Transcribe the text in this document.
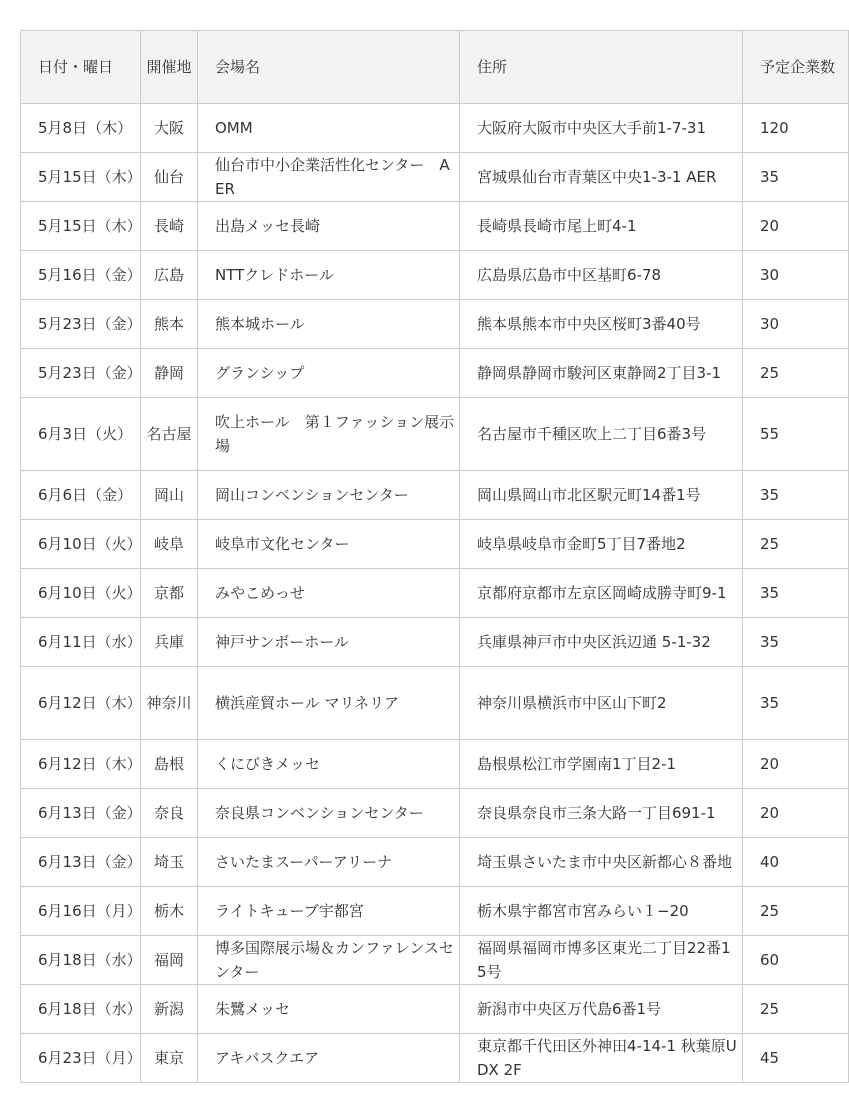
日付・曜日	開催地	会場名	住所	予定企業数
5月8日（木）	大阪	OMM	大阪府大阪市中央区大手前1-7-31	120
5月15日（木）	仙台	仙台市中小企業活性化センター　AER	宮城県仙台市青葉区中央1-3-1 AER	35
5月15日（木）	長崎	出島メッセ長崎	長崎県長崎市尾上町4-1	20
5月16日（金）	広島	NTTクレドホール	広島県広島市中区基町6-78	30
5月23日（金）	熊本	熊本城ホール	熊本県熊本市中央区桜町3番40号	30
5月23日（金）	静岡	グランシップ	静岡県静岡市駿河区東静岡2丁目3-1	25
6月3日（火）	名古屋	吹上ホール　第１ファッション展示場	名古屋市千種区吹上二丁目6番3号	55
6月6日（金）	岡山	岡山コンベンションセンター	岡山県岡山市北区駅元町14番1号	35
6月10日（火）	岐阜	岐阜市文化センター	岐阜県岐阜市金町5丁目7番地2	25
6月10日（火）	京都	みやこめっせ	京都府京都市左京区岡崎成勝寺町9-1	35
6月11日（水）	兵庫	神戸サンボーホール	兵庫県神戸市中央区浜辺通 5-1-32	35
6月12日（木）	神奈川	横浜産貿ホール マリネリア	神奈川県横浜市中区山下町2	35
6月12日（木）	島根	くにびきメッセ	島根県松江市学園南1丁目2-1	20
6月13日（金）	奈良	奈良県コンベンションセンター	奈良県奈良市三条大路一丁目691-1	20
6月13日（金）	埼玉	さいたまスーパーアリーナ	埼玉県さいたま市中央区新都心８番地	40
6月16日（月）	栃木	ライトキューブ宇都宮	栃木県宇都宮市宮みらい１−20	25
6月18日（水）	福岡	博多国際展示場＆カンファレンスセンター	福岡県福岡市博多区東光二丁目22番15号	60
6月18日（水）	新潟	朱鷺メッセ	新潟市中央区万代島6番1号	25
6月23日（月）	東京	アキバスクエア	東京都千代田区外神田4-14-1 秋葉原UDX 2F	45
